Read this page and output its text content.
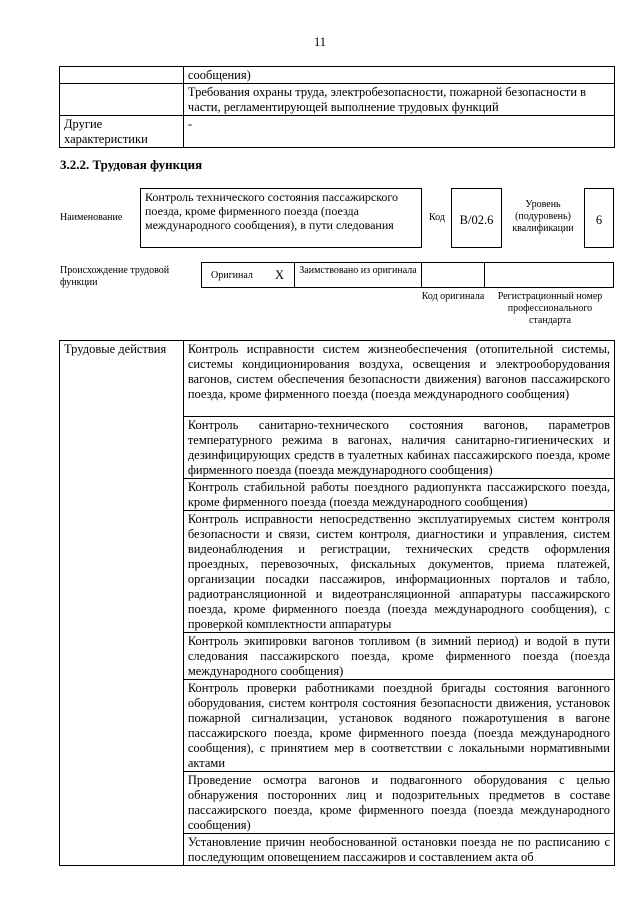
11
	сообщения)

	Требования охраны труда, электробезопасности, пожарной безопасности в
части, регламентирующей выполнение трудовых функций

Другие характеристики	-
3.2.2. Трудовая функция
Наименование
Контроль технического состояния пассажирского поезда, кроме фирменного поезда (поезда международного сообщения), в пути следования
Код	B/02.6
Уровень (подуровень) квалификации
6
Происхождение трудовой функции
Оригинал X	Заимствовано из оригинала
Код оригинала	Регистрационный номер профессионального стандарта
Трудовые действия	Контроль исправности систем жизнеобеспечения (отопительной системы, системы кондиционирования воздуха, освещения и электрооборудования вагонов, систем обеспечения безопасности движения) вагонов пассажирского поезда, кроме фирменного поезда (поезда международного сообщения)
Контроль санитарно-технического состояния вагонов, параметров температурного режима в вагонах, наличия санитарно-гигиенических и дезинфицирующих средств в туалетных кабинах пассажирского поезда, кроме фирменного поезда (поезда международного сообщения)
Контроль стабильной работы поездного радиопункта пассажирского поезда, кроме фирменного поезда (поезда международного сообщения)
Контроль исправности непосредственно эксплуатируемых систем контроля безопасности и связи, систем контроля, диагностики и управления, систем видеонаблюдения и регистрации, технических средств оформления проездных, перевозочных, фискальных документов, приема платежей, организации посадки пассажиров, информационных порталов и табло, радиотрансляционной и видеотрансляционной аппаратуры пассажирского поезда, кроме фирменного поезда (поезда международного сообщения), с проверкой комплектности аппаратуры
Контроль экипировки вагонов топливом (в зимний период) и водой в пути следования пассажирского поезда, кроме фирменного поезда (поезда международного сообщения)
Контроль проверки работниками поездной бригады состояния вагонного оборудования, систем контроля состояния безопасности движения, установок пожарной сигнализации, установок водяного пожаротушения в вагоне пассажирского поезда, кроме фирменного поезда (поезда международного сообщения), с принятием мер в соответствии с локальными нормативными актами
Проведение осмотра вагонов и подвагонного оборудования с целью обнаружения посторонних лиц и подозрительных предметов в составе пассажирского поезда, кроме фирменного поезда (поезда международного сообщения)
Установление причин необоснованной остановки поезда не по расписанию с последующим оповещением пассажиров и составлением акта об
